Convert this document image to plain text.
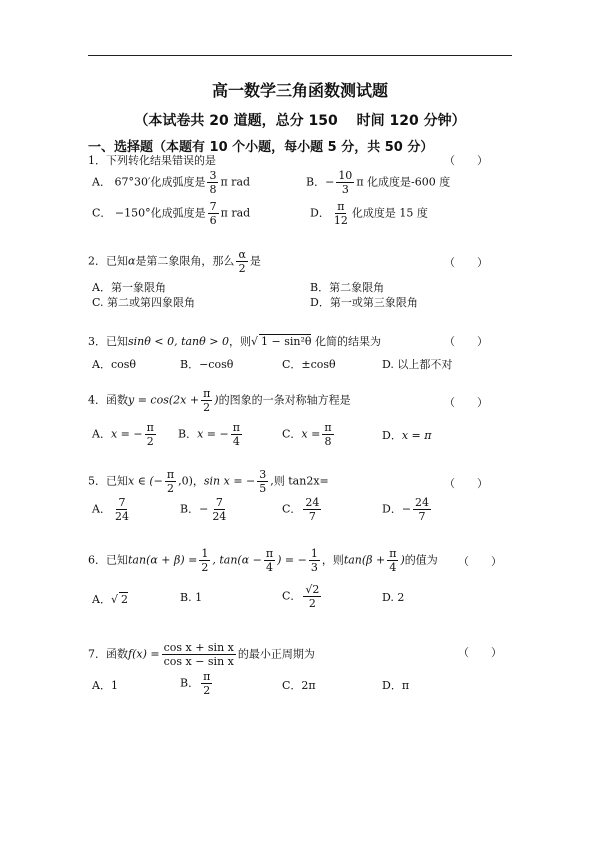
高一数学三角函数测试题
（本试卷共 20 道题，总分 150　 时间 120 分钟）
一、选择题（本题有 10 个小题，每小题 5 分，共 50 分）
1．下列转化结果错误的是	（　　）
A． 67°30′化成弧度是 $\frac{3}{8}$ π rad	B．− $\frac{10}{3}$ π 化成度是-600 度
C． −150°化成弧度是 $\frac{7}{6}$ π rad	D． $\frac{\pi}{12}$ 化成度是 15 度
2．已知α是第二象限角，那么 $\frac{\alpha}{2}$ 是	（　　）
A．第一象限角	B．第二象限角
C. 第二或第四象限角	D．第一或第三象限角
3．已知sinθ < 0, tanθ > 0，则√ 1 − sin²θ 化简的结果为	（　　）
A．cosθ	B．−cosθ	C．±cosθ	D. 以上都不对
4．函数$y = \cos(2x + \frac{\pi}{2}$ )的图象的一条对称轴方程是	（　　）
A．x = − $\frac{\pi}{2}$ B．x = − $\frac{\pi}{4}$	C．$x = \frac{\pi}{8}$	D．x = π
5．已知x ∈ (− $\frac{\pi}{2} ,0$)，sin x = − $\frac{3}{5}$ ,则 tan2x=	（　　）
A． $\frac{7}{24}$	B．− $\frac{7}{24}$	C． $\frac{24}{7}$	D．− $\frac{24}{7}$
6．已知$\tan(\alpha + \beta) = \frac{1}{2}$ , $\tan(\alpha - \frac{\pi}{4}$ ) = − $\frac{1}{3}$ ，则$\tan(\beta + \frac{\pi}{4}$ )的值为 （　　）
A．√ 2	B. 1	C． $\frac{√2}{2}$	D. 2
7．函数$f(x) = \frac{\text{cos x + sin x}}{\text{cos x − sin x}}$ 的最小正周期为	（　　）
A．1	B． $\frac{\pi}{2}$	C．2π	D．π
